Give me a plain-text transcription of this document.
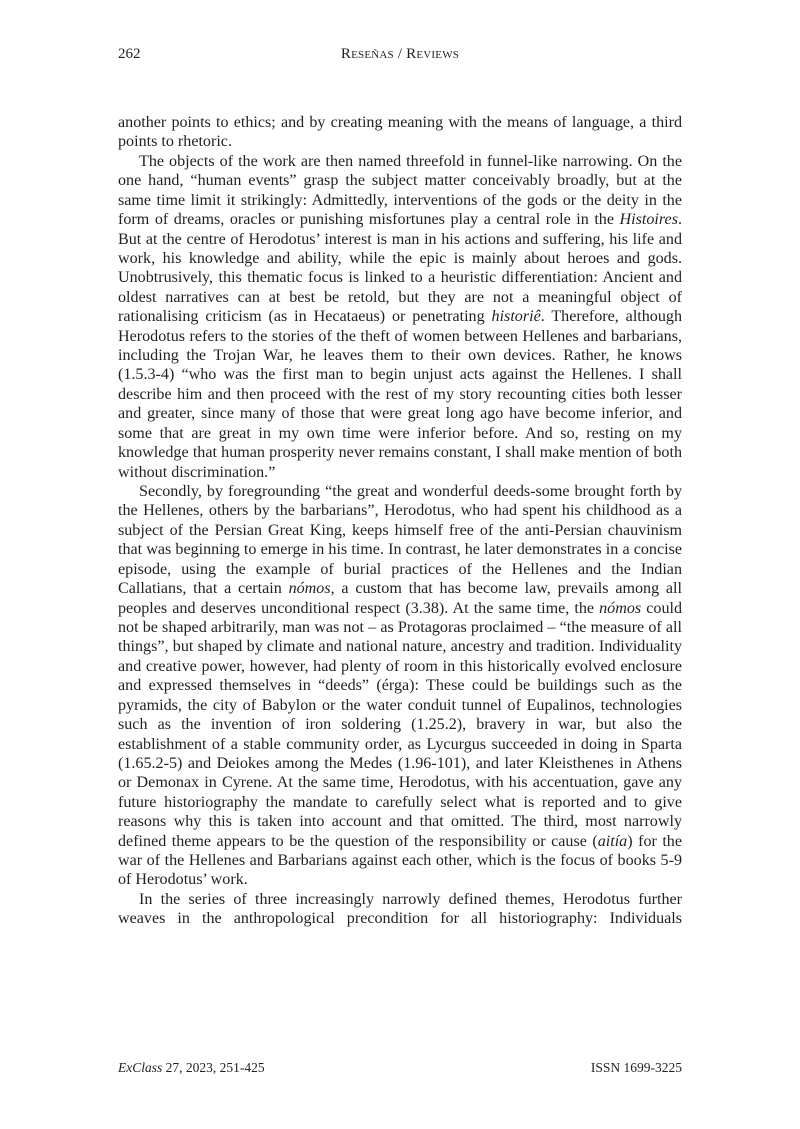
262	Reseñas / Reviews

another points to ethics; and by creating meaning with the means of language, a third points to rhetoric.

The objects of the work are then named threefold in funnel-like narrowing. On the one hand, “human events” grasp the subject matter conceivably broadly, but at the same time limit it strikingly: Admittedly, interventions of the gods or the deity in the form of dreams, oracles or punishing misfortunes play a central role in the Histoires. But at the centre of Herodotus’ interest is man in his actions and suffering, his life and work, his knowledge and ability, while the epic is mainly about heroes and gods. Unobtrusively, this thematic focus is linked to a heuristic differentiation: Ancient and oldest narratives can at best be retold, but they are not a meaningful object of rationalising criticism (as in Hecataeus) or penetrating historiê. Therefore, although Herodotus refers to the stories of the theft of women between Hellenes and barbarians, including the Trojan War, he leaves them to their own devices. Rather, he knows (1.5.3-4) “who was the first man to begin unjust acts against the Hellenes. I shall describe him and then proceed with the rest of my story recounting cities both lesser and greater, since many of those that were great long ago have become inferior, and some that are great in my own time were inferior before. And so, resting on my knowledge that human prosperity never remains constant, I shall make mention of both without discrimination.”

Secondly, by foregrounding “the great and wonderful deeds-some brought forth by the Hellenes, others by the barbarians”, Herodotus, who had spent his childhood as a subject of the Persian Great King, keeps himself free of the anti-Persian chauvinism that was beginning to emerge in his time. In contrast, he later demonstrates in a concise episode, using the example of burial practices of the Hellenes and the Indian Callatians, that a certain nómos, a custom that has become law, prevails among all peoples and deserves unconditional respect (3.38). At the same time, the nómos could not be shaped arbitrarily, man was not – as Protagoras proclaimed – “the measure of all things”, but shaped by climate and national nature, ancestry and tradition. Individuality and creative power, however, had plenty of room in this historically evolved enclosure and expressed themselves in “deeds” (érga): These could be buildings such as the pyramids, the city of Babylon or the water conduit tunnel of Eupalinos, technologies such as the invention of iron soldering (1.25.2), bravery in war, but also the establishment of a stable community order, as Lycurgus succeeded in doing in Sparta (1.65.2-5) and Deiokes among the Medes (1.96-101), and later Kleisthenes in Athens or Demonax in Cyrene. At the same time, Herodotus, with his accentuation, gave any future historiography the mandate to carefully select what is reported and to give reasons why this is taken into account and that omitted. The third, most narrowly defined theme appears to be the question of the responsibility or cause (aitía) for the war of the Hellenes and Barbarians against each other, which is the focus of books 5-9 of Herodotus’ work.

In the series of three increasingly narrowly defined themes, Herodotus further weaves in the anthropological precondition for all historiography: Individuals

ExClass 27, 2023, 251-425	ISSN 1699-3225
